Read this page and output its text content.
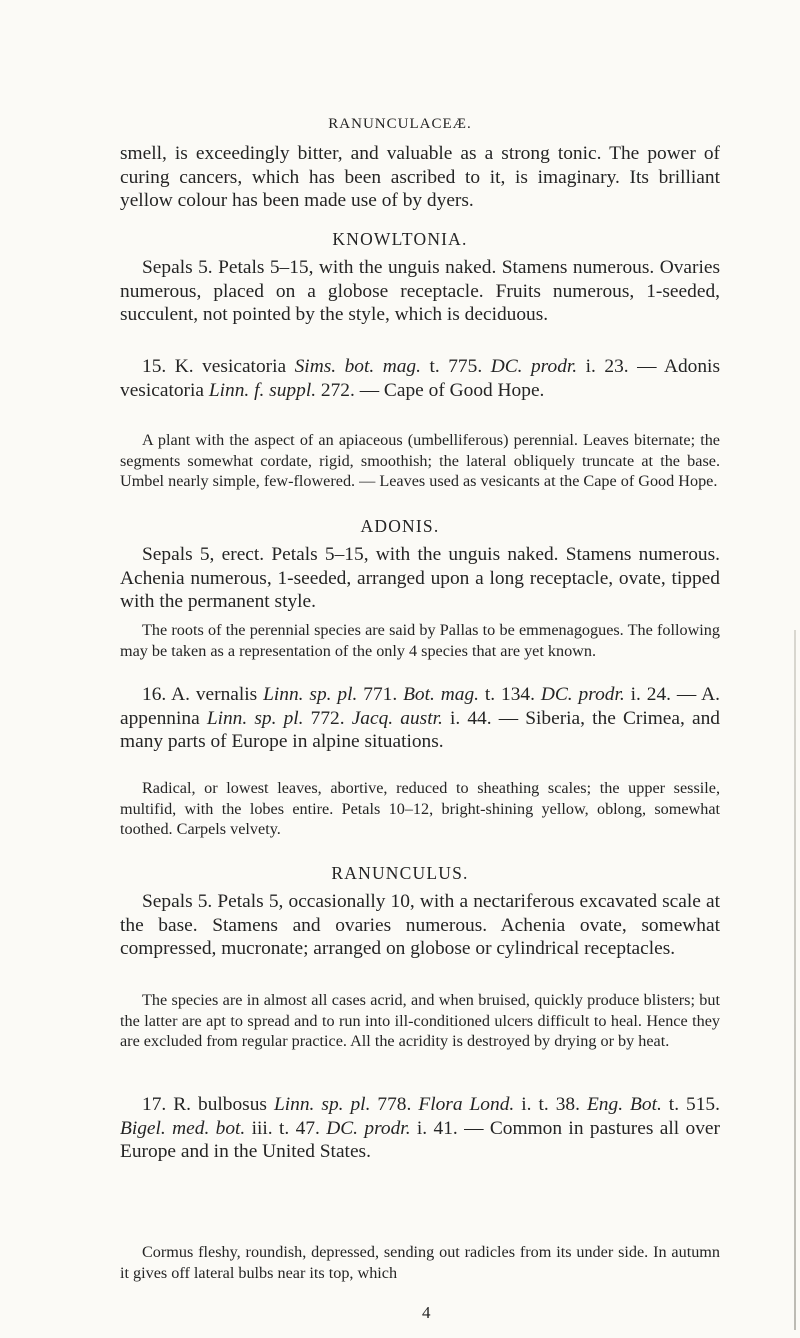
RANUNCULACEÆ.

smell, is exceedingly bitter, and valuable as a strong tonic. The power of curing cancers, which has been ascribed to it, is imaginary. Its brilliant yellow colour has been made use of by dyers.

KNOWLTONIA.

Sepals 5. Petals 5–15, with the unguis naked. Stamens numerous. Ovaries numerous, placed on a globose receptacle. Fruits numerous, 1-seeded, succulent, not pointed by the style, which is deciduous.

15. K. vesicatoria Sims. bot. mag. t. 775. DC. prodr. i. 23. — Adonis vesicatoria Linn. f. suppl. 272. — Cape of Good Hope.

A plant with the aspect of an apiaceous (umbelliferous) perennial. Leaves biternate; the segments somewhat cordate, rigid, smoothish; the lateral obliquely truncate at the base. Umbel nearly simple, few-flowered. — Leaves used as vesicants at the Cape of Good Hope.

ADONIS.

Sepals 5, erect. Petals 5–15, with the unguis naked. Stamens numerous. Achenia numerous, 1-seeded, arranged upon a long receptacle, ovate, tipped with the permanent style.

The roots of the perennial species are said by Pallas to be emmenagogues. The following may be taken as a representation of the only 4 species that are yet known.

16. A. vernalis Linn. sp. pl. 771. Bot. mag. t. 134. DC. prodr. i. 24. — A. appennina Linn. sp. pl. 772. Jacq. austr. i. 44. — Siberia, the Crimea, and many parts of Europe in alpine situations.

Radical, or lowest leaves, abortive, reduced to sheathing scales; the upper sessile, multifid, with the lobes entire. Petals 10–12, bright-shining yellow, oblong, somewhat toothed. Carpels velvety.

RANUNCULUS.

Sepals 5. Petals 5, occasionally 10, with a nectariferous excavated scale at the base. Stamens and ovaries numerous. Achenia ovate, somewhat compressed, mucronate; arranged on globose or cylindrical receptacles.

The species are in almost all cases acrid, and when bruised, quickly produce blisters; but the latter are apt to spread and to run into ill-conditioned ulcers difficult to heal. Hence they are excluded from regular practice. All the acridity is destroyed by drying or by heat.

17. R. bulbosus Linn. sp. pl. 778. Flora Lond. i. t. 38. Eng. Bot. t. 515. Bigel. med. bot. iii. t. 47. DC. prodr. i. 41. — Common in pastures all over Europe and in the United States.

Cormus fleshy, roundish, depressed, sending out radicles from its under side. In autumn it gives off lateral bulbs near its top, which

4
